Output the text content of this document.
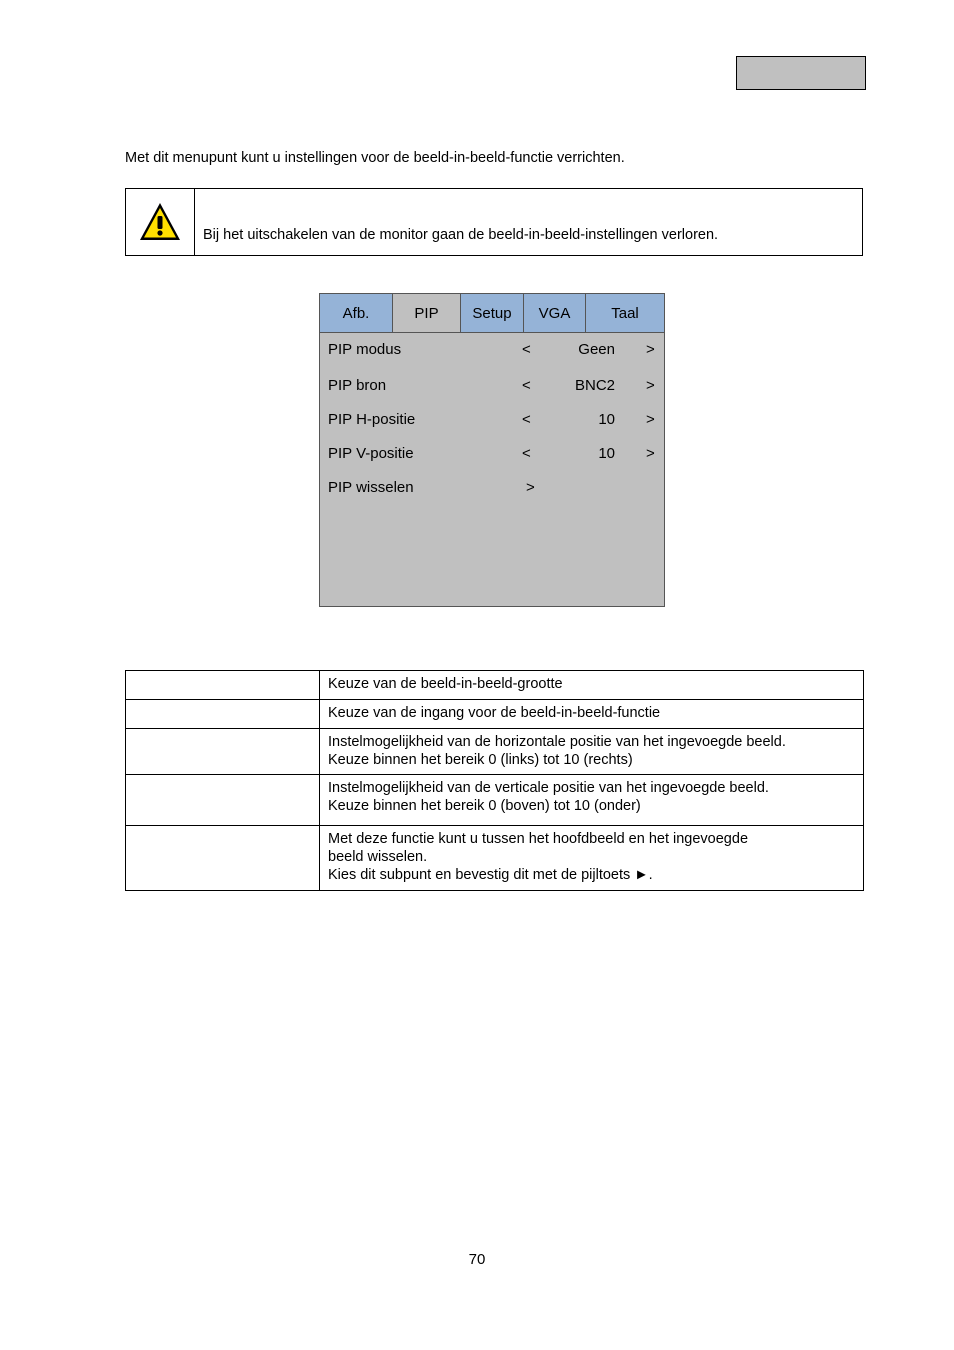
Met dit menupunt kunt u instellingen voor de beeld-in-beeld-functie verrichten.
Bij het uitschakelen van de monitor gaan de beeld-in-beeld-instellingen verloren.
Afb.	PIP	Setup	VGA	Taal
PIP modus	<	Geen >
PIP bron	<	BNC2 >
PIP H-positie	<	10 >
PIP V-positie	<	10 >
PIP wisselen	>

	Keuze van de beeld-in-beeld-grootte

	Keuze van de ingang voor de beeld-in-beeld-functie

	Instelmogelijkheid van de horizontale positie van het ingevoegde beeld.
Keuze binnen het bereik 0 (links) tot 10 (rechts)

	Instelmogelijkheid van de verticale positie van het ingevoegde beeld.
Keuze binnen het bereik 0 (boven) tot 10 (onder)

	Met deze functie kunt u tussen het hoofdbeeld en het ingevoegde
beeld wisselen.
Kies dit subpunt en bevestig dit met de pijltoets ►.
70
